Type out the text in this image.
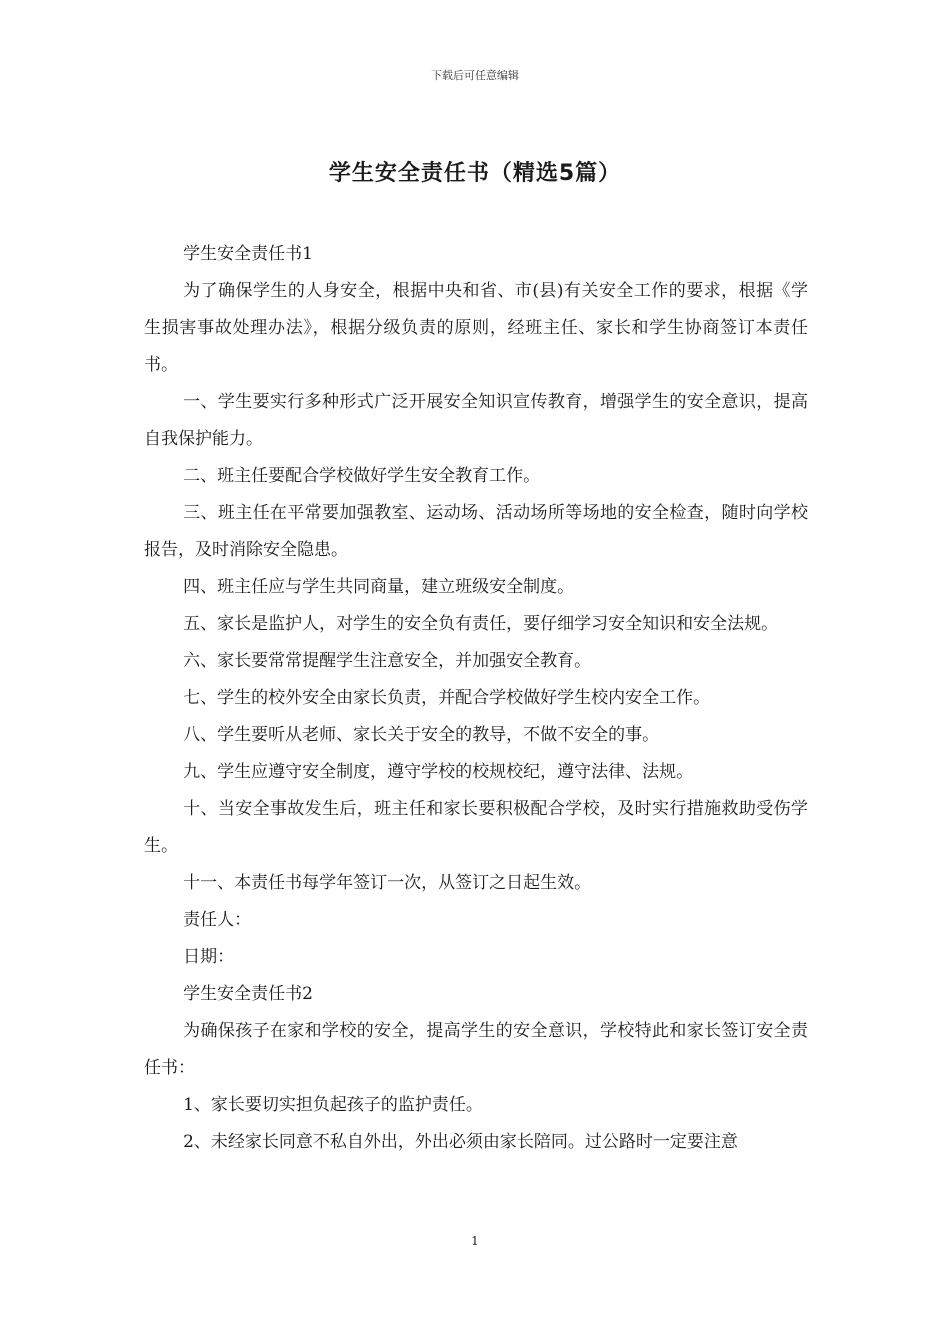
下载后可任意编辑
学生安全责任书（精选5篇）

学生安全责任书1

为了确保学生的人身安全，根据中央和省、市(县)有关安全工作的要求，根据《学生损害事故处理办法》，根据分级负责的原则，经班主任、家长和学生协商签订本责任书。

一、学生要实行多种形式广泛开展安全知识宣传教育，增强学生的安全意识，提高自我保护能力。

二、班主任要配合学校做好学生安全教育工作。

三、班主任在平常要加强教室、运动场、活动场所等场地的安全检查，随时向学校报告，及时消除安全隐患。

四、班主任应与学生共同商量，建立班级安全制度。

五、家长是监护人，对学生的安全负有责任，要仔细学习安全知识和安全法规。

六、家长要常常提醒学生注意安全，并加强安全教育。

七、学生的校外安全由家长负责，并配合学校做好学生校内安全工作。

八、学生要听从老师、家长关于安全的教导，不做不安全的事。

九、学生应遵守安全制度，遵守学校的校规校纪，遵守法律、法规。

十、当安全事故发生后，班主任和家长要积极配合学校，及时实行措施救助受伤学生。

十一、本责任书每学年签订一次，从签订之日起生效。

责任人：

日期：

学生安全责任书2

为确保孩子在家和学校的安全，提高学生的安全意识，学校特此和家长签订安全责任书：

1、家长要切实担负起孩子的监护责任。

2、未经家长同意不私自外出，外出必须由家长陪同。过公路时一定要注意

1
